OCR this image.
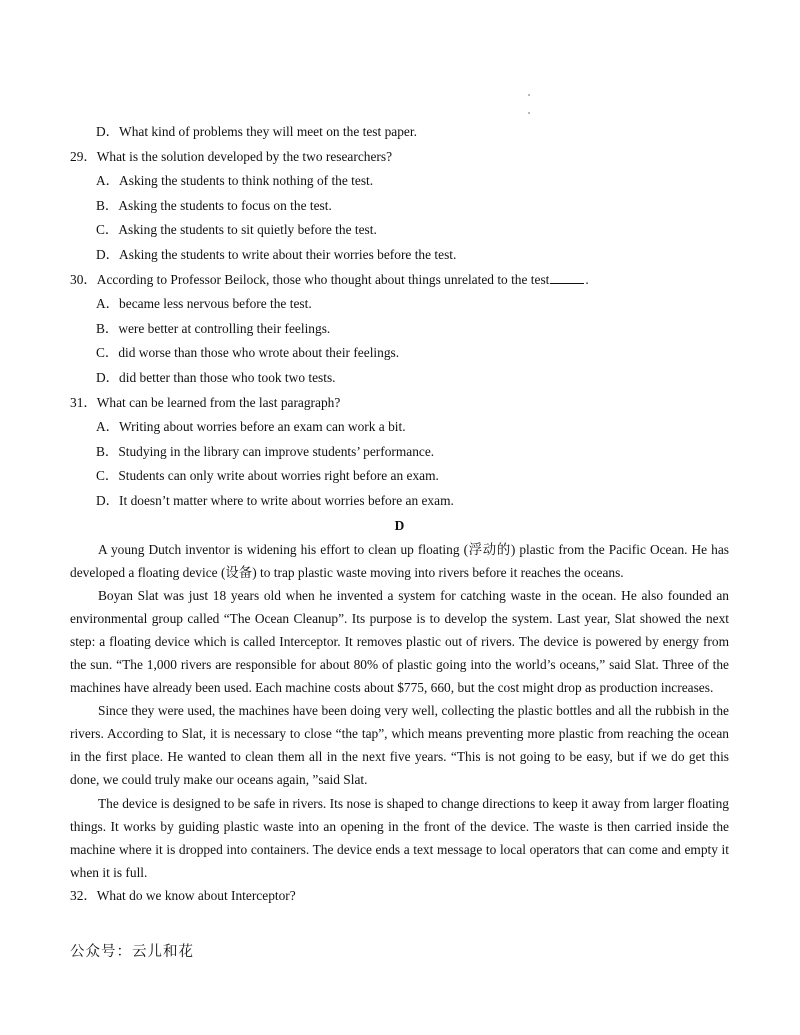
D．What kind of problems they will meet on the test paper.
29．What is the solution developed by the two researchers?
A．Asking the students to think nothing of the test.
B．Asking the students to focus on the test.
C．Asking the students to sit quietly before the test.
D．Asking the students to write about their worries before the test.
30．According to Professor Beilock, those who thought about things unrelated to the test	.
A．became less nervous before the test.
B．were better at controlling their feelings.
C．did worse than those who wrote about their feelings.
D．did better than those who took two tests.
31．What can be learned from the last paragraph?
A．Writing about worries before an exam can work a bit.
B．Studying in the library can improve students’ performance.
C．Students can only write about worries right before an exam.
D．It doesn’t matter where to write about worries before an exam.
D

A young Dutch inventor is widening his effort to clean up floating (浮动的) plastic from the Pacific Ocean. He has developed a floating device (设备) to trap plastic waste moving into rivers before it reaches the oceans.

Boyan Slat was just 18 years old when he invented a system for catching waste in the ocean. He also founded an environmental group called “The Ocean Cleanup”. Its purpose is to develop the system. Last year, Slat showed the next step: a floating device which is called Interceptor. It removes plastic out of rivers. The device is powered by energy from the sun. “The 1,000 rivers are responsible for about 80% of plastic going into the world’s oceans,” said Slat. Three of the machines have already been used. Each machine costs about $775, 660, but the cost might drop as production increases.

Since they were used, the machines have been doing very well, collecting the plastic bottles and all the rubbish in the rivers. According to Slat, it is necessary to close “the tap”, which means preventing more plastic from reaching the ocean in the first place. He wanted to clean them all in the next five years. “This is not going to be easy, but if we do get this done, we could truly make our oceans again, ”said Slat.

The device is designed to be safe in rivers. Its nose is shaped to change directions to keep it away from larger floating things. It works by guiding plastic waste into an opening in the front of the device. The waste is then carried inside the machine where it is dropped into containers. The device ends a text message to local operators that can come and empty it when it is full.

32．What do we know about Interceptor?
公众号：云儿和花
